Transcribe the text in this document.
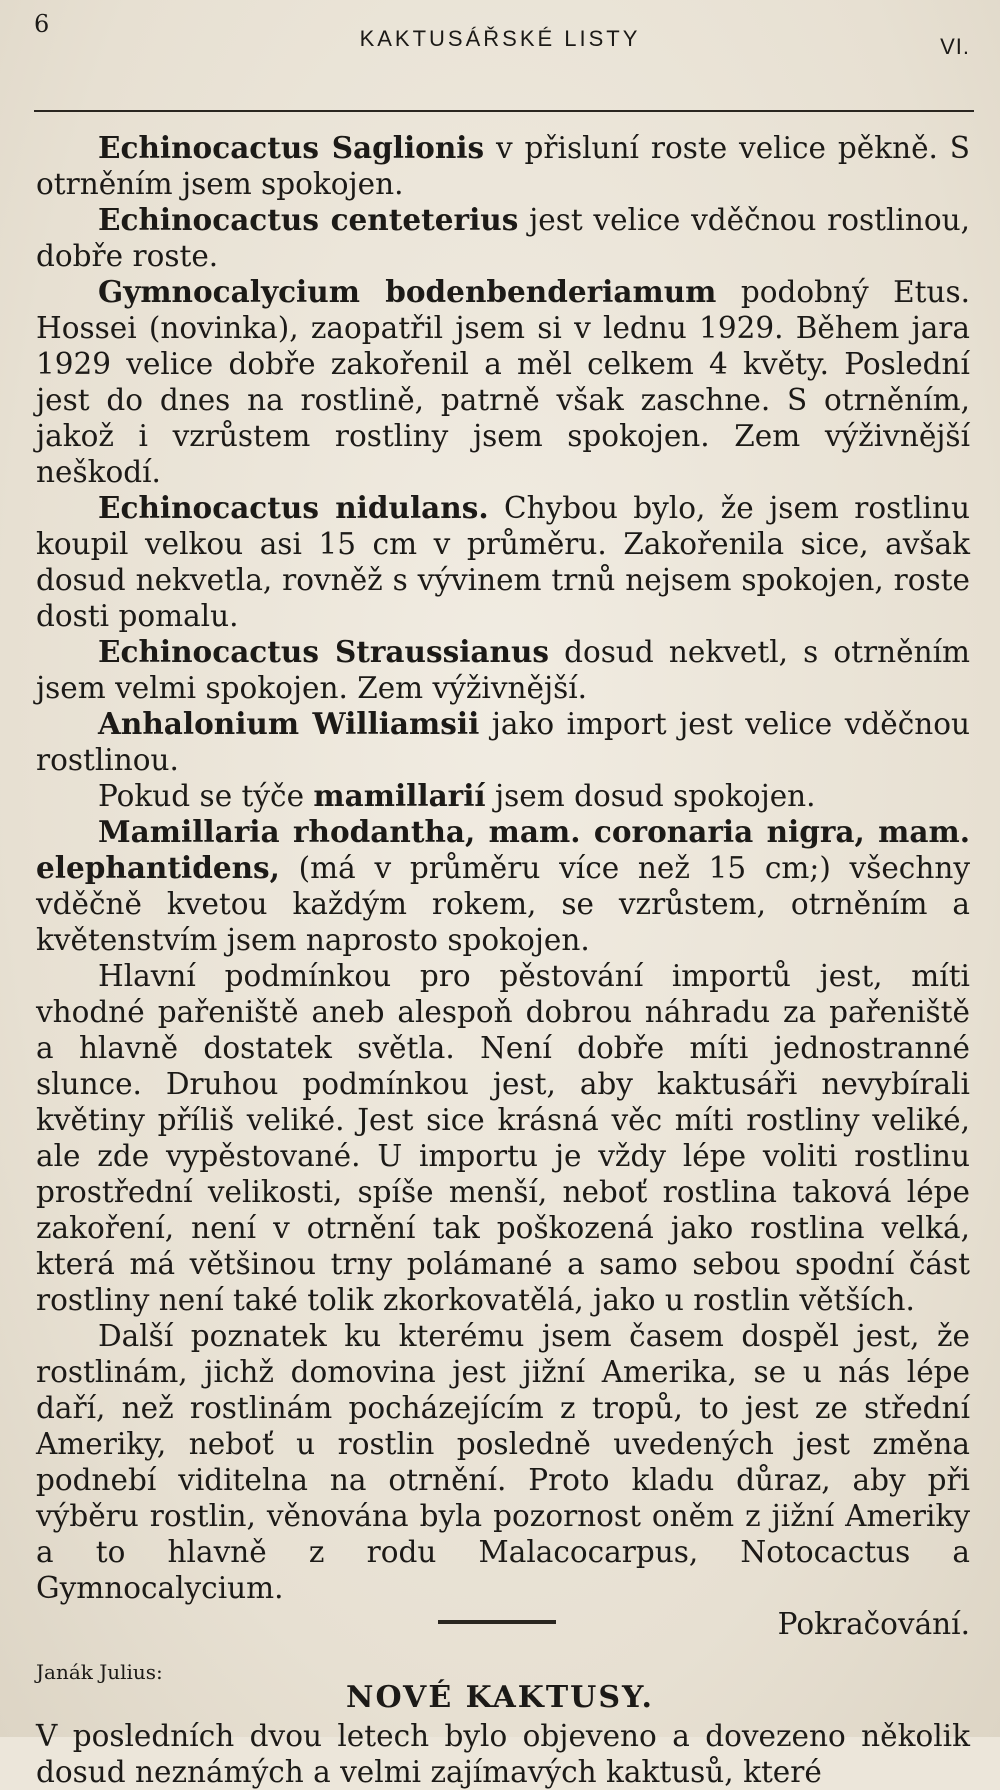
6
KAKTUSÁŘSKÉ LISTY	VI.

Echinocactus Saglionis v přisluní roste velice pěkně. S otrněním jsem spokojen.

Echinocactus centeterius jest velice vděčnou rostlinou, dobře roste.

Gymnocalycium bodenbenderiamum podobný Etus. Hossei (novinka), zaopatřil jsem si v lednu 1929. Během jara 1929 velice dobře zakořenil a měl celkem 4 květy. Poslední jest do dnes na rostlině, patrně však zaschne. S otrněním, jakož i vzrůstem rostliny jsem spokojen. Zem výživnější neškodí.

Echinocactus nidulans. Chybou bylo, že jsem rostlinu koupil velkou asi 15 cm v průměru. Zakořenila sice, avšak dosud nekvetla, rovněž s vývinem trnů nejsem spokojen, roste dosti pomalu.

Echinocactus Straussianus dosud nekvetl, s otrněním jsem velmi spokojen. Zem výživnější.

Anhalonium Williamsii jako import jest velice vděčnou rostlinou.

Pokud se týče mamillarií jsem dosud spokojen.

Mamillaria rhodantha, mam. coronaria nigra, mam. elephantidens, (má v průměru více než 15 cm;) všechny vděčně kvetou každým rokem, se vzrůstem, otrněním a květenstvím jsem naprosto spokojen.

Hlavní podmínkou pro pěstování importů jest, míti vhodné pařeniště aneb alespoň dobrou náhradu za pařeniště a hlavně dostatek světla. Není dobře míti jednostranné slunce. Druhou podmínkou jest, aby kaktusáři nevybírali květiny příliš veliké. Jest sice krásná věc míti rostliny veliké, ale zde vypěstované. U importu je vždy lépe voliti rostlinu prostřední velikosti, spíše menší, neboť rostlina taková lépe zakoření, není v otrnění tak poškozená jako rostlina velká, která má většinou trny polámané a samo sebou spodní část rostliny není také tolik zkorkovatělá, jako u rostlin větších.

Další poznatek ku kterému jsem časem dospěl jest, že rostlinám, jichž domovina jest jižní Amerika, se u nás lépe daří, než rostlinám pocházejícím z tropů, to jest ze střední Ameriky, neboť u rostlin posledně uvedených jest změna podnebí viditelna na otrnění. Proto kladu důraz, aby při výběru rostlin, věnována byla pozornost oněm z jižní Ameriky a to hlavně z rodu Malacocarpus, Notocactus a Gymnocalycium.

Pokračování.

Janák Julius:
NOVÉ KAKTUSY.
V posledních dvou letech bylo objeveno a dovezeno několik dosud neznámých a velmi zajímavých kaktusů, které
